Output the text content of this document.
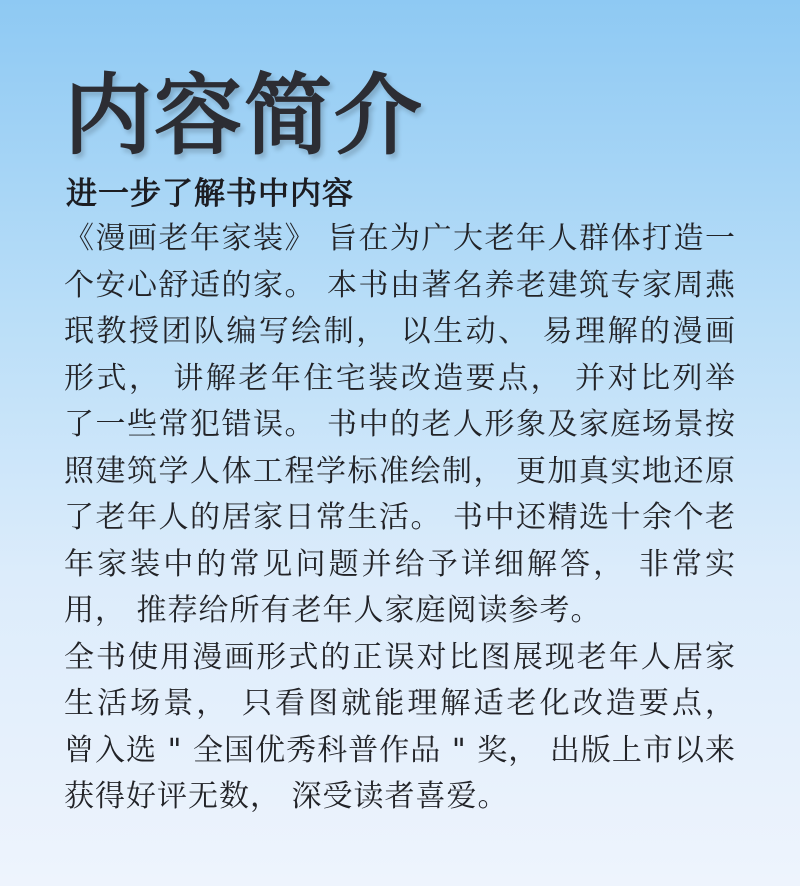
内容简介
进一步了解书中内容

《漫画老年家装》 旨在为广大老年人群体打造一个安心舒适的家。 本书由著名养老建筑专家周燕珉教授团队编写绘制， 以生动、 易理解的漫画形式， 讲解老年住宅装改造要点， 并对比列举了一些常犯错误。 书中的老人形象及家庭场景按照建筑学人体工程学标准绘制， 更加真实地还原了老年人的居家日常生活。 书中还精选十余个老年家装中的常见问题并给予详细解答， 非常实用， 推荐给所有老年人家庭阅读参考。

全书使用漫画形式的正误对比图展现老年人居家生活场景， 只看图就能理解适老化改造要点， 曾入选 " 全国优秀科普作品 " 奖， 出版上市以来获得好评无数， 深受读者喜爱。
